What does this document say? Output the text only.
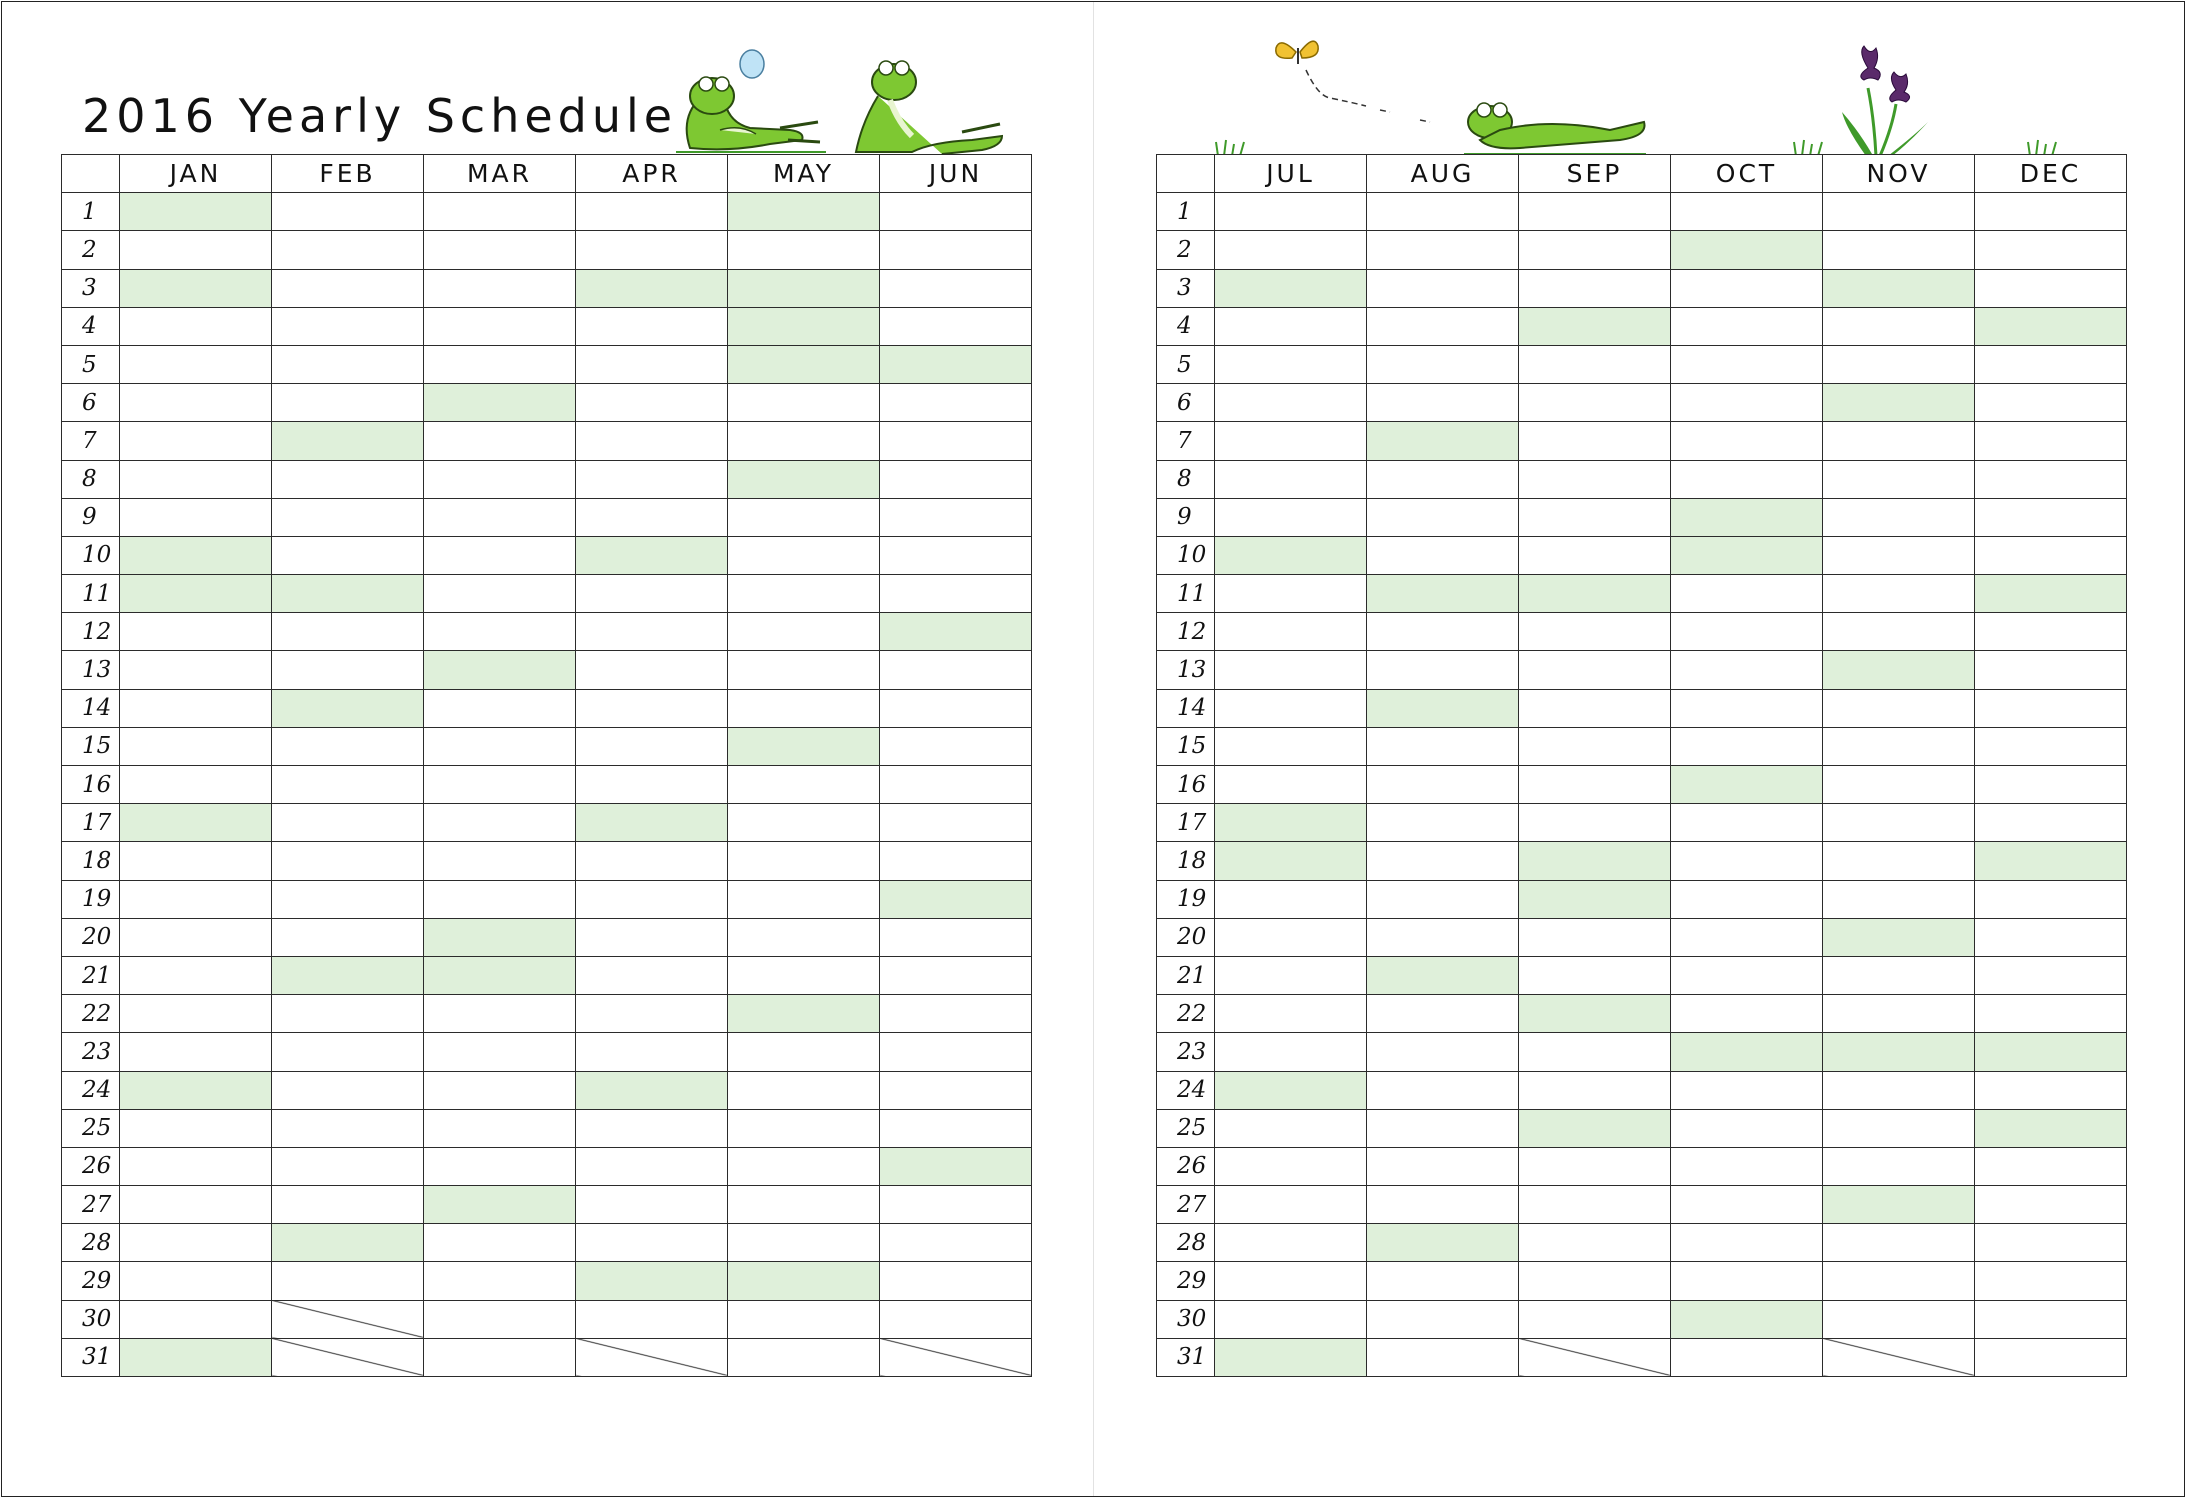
2016 Yearly Schedule
	JAN	FEB	MAR	APR	MAY	JUN
1						
2						
3						
4						
5						
6						
7						
8						
9						
10						
11						
12						
13						
14						
15						
16						
17						
18						
19						
20						
21						
22						
23						
24						
25						
26						
27						
28						
29						
30						
31						
	JUL	AUG	SEP	OCT	NOV	DEC
1						
2						
3						
4						
5						
6						
7						
8						
9						
10						
11						
12						
13						
14						
15						
16						
17						
18						
19						
20						
21						
22						
23						
24						
25						
26						
27						
28						
29						
30						
31						
